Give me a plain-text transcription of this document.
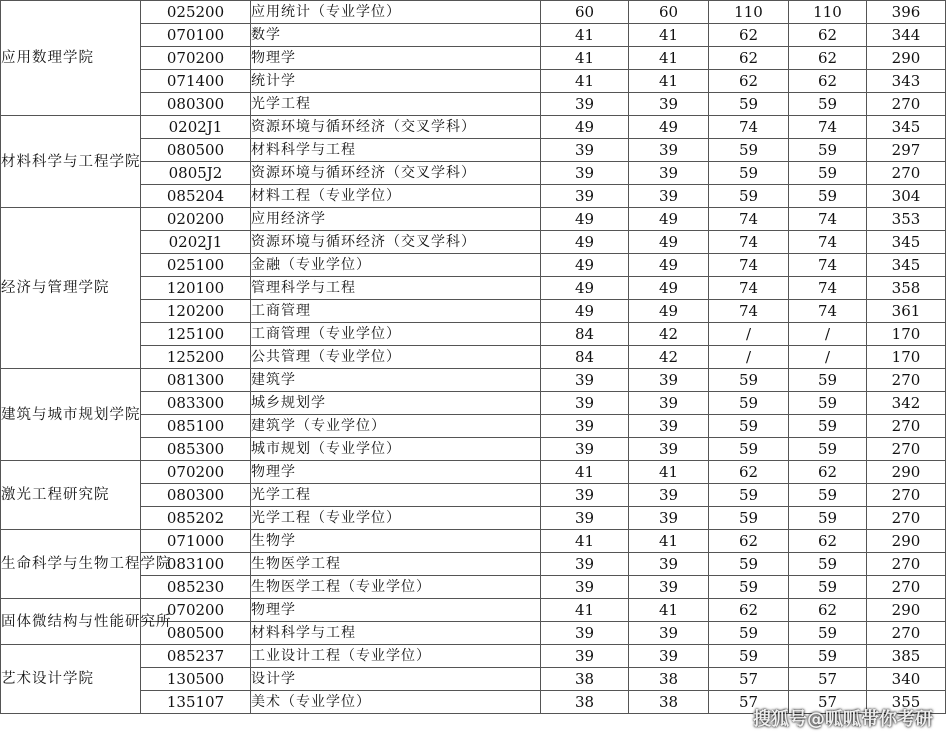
应用数理学院	025200	应用统计（专业学位）	60	60	110	110	396
	070100	数学	41	41	62	62	344
	070200	物理学	41	41	62	62	290
	071400	统计学	41	41	62	62	343
	080300	光学工程	39	39	59	59	270
材料科学与工程学院	0202J1	资源环境与循环经济（交叉学科）	49	49	74	74	345
	080500	材料科学与工程	39	39	59	59	297
	0805J2	资源环境与循环经济（交叉学科）	39	39	59	59	270
	085204	材料工程（专业学位）	39	39	59	59	304
经济与管理学院	020200	应用经济学	49	49	74	74	353
	0202J1	资源环境与循环经济（交叉学科）	49	49	74	74	345
	025100	金融（专业学位）	49	49	74	74	345
	120100	管理科学与工程	49	49	74	74	358
	120200	工商管理	49	49	74	74	361
	125100	工商管理（专业学位）	84	42	/	/	170
	125200	公共管理（专业学位）	84	42	/	/	170
建筑与城市规划学院	081300	建筑学	39	39	59	59	270
	083300	城乡规划学	39	39	59	59	342
	085100	建筑学（专业学位）	39	39	59	59	270
	085300	城市规划（专业学位）	39	39	59	59	270
激光工程研究院	070200	物理学	41	41	62	62	290
	080300	光学工程	39	39	59	59	270
	085202	光学工程（专业学位）	39	39	59	59	270
生命科学与生物工程学院	071000	生物学	41	41	62	62	290
	083100	生物医学工程	39	39	59	59	270
	085230	生物医学工程（专业学位）	39	39	59	59	270
固体微结构与性能研究所	070200	物理学	41	41	62	62	290
	080500	材料科学与工程	39	39	59	59	270
艺术设计学院	085237	工业设计工程（专业学位）	39	39	59	59	385
	130500	设计学	38	38	57	57	340
	135107	美术（专业学位）	38	38	57	57	355
搜狐号@呱呱带你考研
